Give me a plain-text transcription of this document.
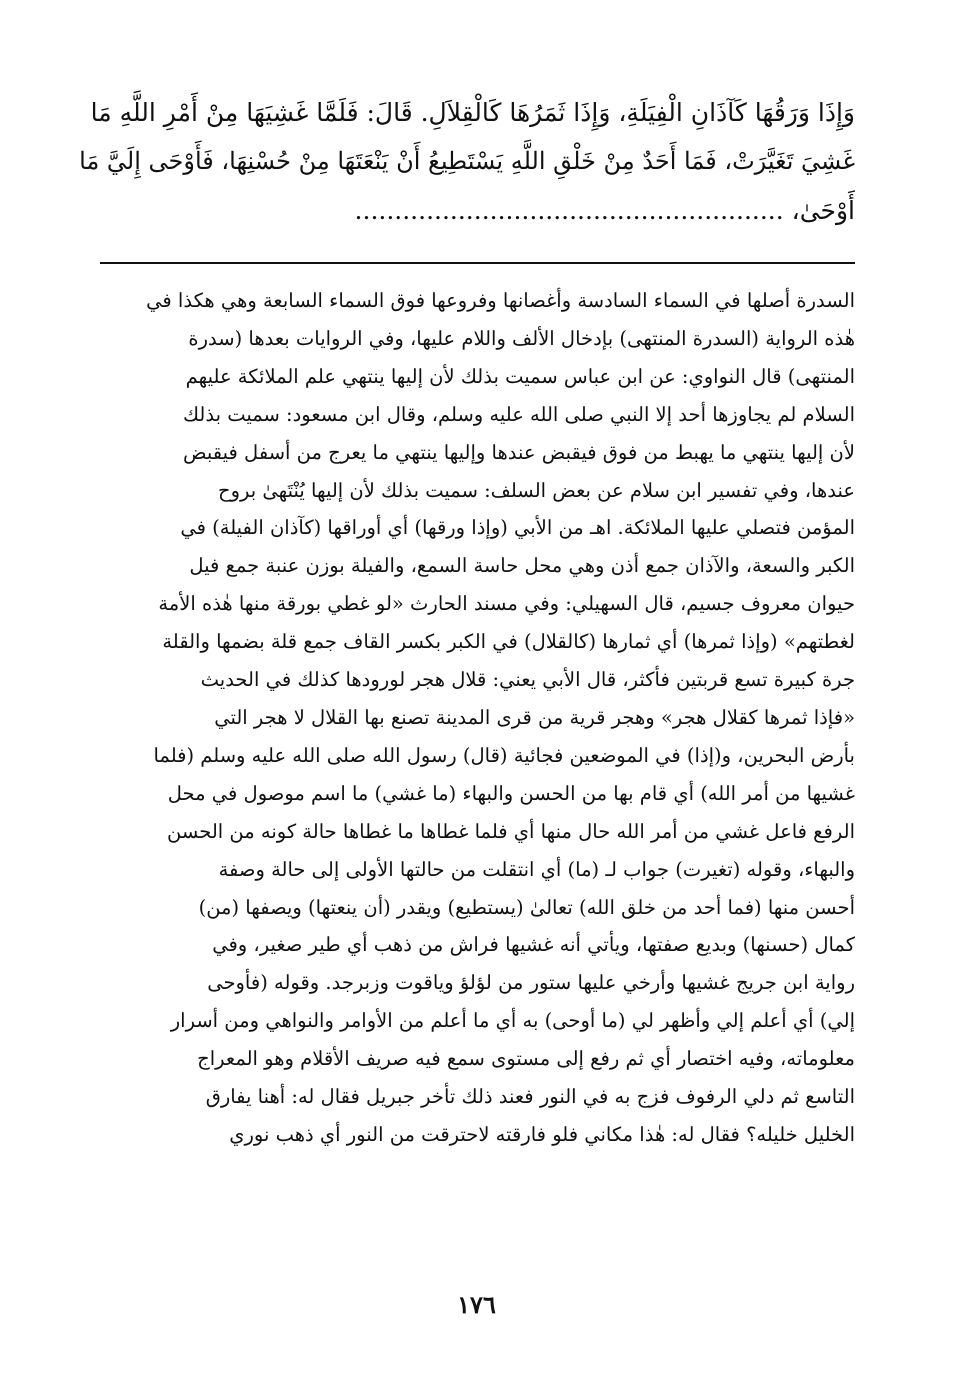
وَإِذَا وَرَقُهَا كَآذَانِ الْفِيَلَةِ، وَإِذَا ثَمَرُهَا كَالْقِلاَلِ. قَالَ: فَلَمَّا غَشِيَهَا مِنْ أَمْرِ اللَّهِ مَا
غَشِيَ تَغَيَّرَتْ، فَمَا أَحَدٌ مِنْ خَلْقِ اللَّهِ يَسْتَطِيعُ أَنْ يَنْعَتَهَا مِنْ حُسْنِهَا، فَأَوْحَى إِلَيَّ مَا
أَوْحَىٰ، ......................................................
السدرة أصلها في السماء السادسة وأغصانها وفروعها فوق السماء السابعة وهي هكذا في
هٰذه الرواية (السدرة المنتهى) بإدخال الألف واللام عليها، وفي الروايات بعدها (سدرة
المنتهى) قال النواوي: عن ابن عباس سميت بذلك لأن إليها ينتهي علم الملائكة عليهم
السلام لم يجاوزها أحد إلا النبي صلى الله عليه وسلم، وقال ابن مسعود: سميت بذلك
لأن إليها ينتهي ما يهبط من فوق فيقبض عندها وإليها ينتهي ما يعرج من أسفل فيقبض
عندها، وفي تفسير ابن سلام عن بعض السلف: سميت بذلك لأن إليها يُنْتَهىٰ بروح
المؤمن فتصلي عليها الملائكة. اهـ من الأبي (وإذا ورقها) أي أوراقها (كآذان الفيلة) في
الكبر والسعة، والآذان جمع أذن وهي محل حاسة السمع، والفيلة بوزن عنبة جمع فيل
حيوان معروف جسيم، قال السهيلي: وفي مسند الحارث «لو غطي بورقة منها هٰذه الأمة
لغطتهم» (وإذا ثمرها) أي ثمارها (كالقلال) في الكبر بكسر القاف جمع قلة بضمها والقلة
جرة كبيرة تسع قربتين فأكثر، قال الأبي يعني: قلال هجر لورودها كذلك في الحديث
«فإذا ثمرها كقلال هجر» وهجر قرية من قرى المدينة تصنع بها القلال لا هجر التي
بأرض البحرين، و(إذا) في الموضعين فجائية (قال) رسول الله صلى الله عليه وسلم (فلما
غشيها من أمر الله) أي قام بها من الحسن والبهاء (ما غشي) ما اسم موصول في محل
الرفع فاعل غشي من أمر الله حال منها أي فلما غطاها ما غطاها حالة كونه من الحسن
والبهاء، وقوله (تغيرت) جواب لـ (ما) أي انتقلت من حالتها الأولى إلى حالة وصفة
أحسن منها (فما أحد من خلق الله) تعالىٰ (يستطيع) ويقدر (أن ينعتها) ويصفها (من)
كمال (حسنها) وبديع صفتها، ويأتي أنه غشيها فراش من ذهب أي طير صغير، وفي
رواية ابن جريج غشيها وأرخي عليها ستور من لؤلؤ وياقوت وزبرجد. وقوله (فأوحى
إلي) أي أعلم إلي وأظهر لي (ما أوحى) به أي ما أعلم من الأوامر والنواهي ومن أسرار
معلوماته، وفيه اختصار أي ثم رفع إلى مستوى سمع فيه صريف الأقلام وهو المعراج
التاسع ثم دلي الرفوف فزج به في النور فعند ذلك تأخر جبريل فقال له: أهنا يفارق
الخليل خليله؟ فقال له: هٰذا مكاني فلو فارقته لاحترقت من النور أي ذهب نوري
١٧٦
